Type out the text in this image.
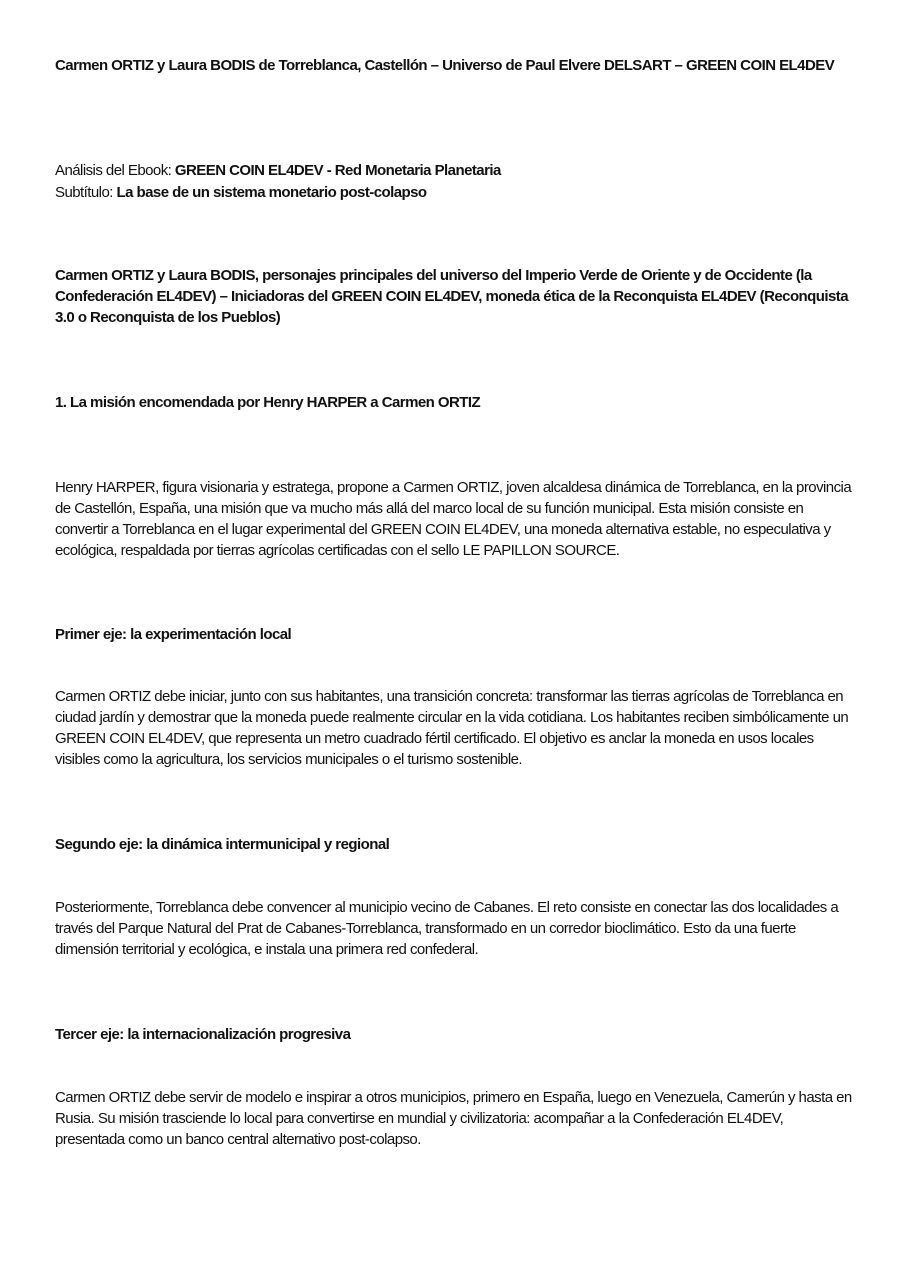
Carmen ORTIZ y Laura BODIS de Torreblanca, Castellón – Universo de Paul Elvere DELSART – GREEN COIN EL4DEV

Análisis del Ebook: GREEN COIN EL4DEV - Red Monetaria Planetaria

Subtítulo: La base de un sistema monetario post-colapso

Carmen ORTIZ y Laura BODIS, personajes principales del universo del Imperio Verde de Oriente y de Occidente (la Confederación EL4DEV) – Iniciadoras del GREEN COIN EL4DEV, moneda ética de la Reconquista EL4DEV (Reconquista 3.0 o Reconquista de los Pueblos)

1. La misión encomendada por Henry HARPER a Carmen ORTIZ

Henry HARPER, figura visionaria y estratega, propone a Carmen ORTIZ, joven alcaldesa dinámica de Torreblanca, en la provincia de Castellón, España, una misión que va mucho más allá del marco local de su función municipal. Esta misión consiste en convertir a Torreblanca en el lugar experimental del GREEN COIN EL4DEV, una moneda alternativa estable, no especulativa y ecológica, respaldada por tierras agrícolas certificadas con el sello LE PAPILLON SOURCE.

Primer eje: la experimentación local

Carmen ORTIZ debe iniciar, junto con sus habitantes, una transición concreta: transformar las tierras agrícolas de Torreblanca en ciudad jardín y demostrar que la moneda puede realmente circular en la vida cotidiana. Los habitantes reciben simbólicamente un GREEN COIN EL4DEV, que representa un metro cuadrado fértil certificado. El objetivo es anclar la moneda en usos locales visibles como la agricultura, los servicios municipales o el turismo sostenible.

Segundo eje: la dinámica intermunicipal y regional

Posteriormente, Torreblanca debe convencer al municipio vecino de Cabanes. El reto consiste en conectar las dos localidades a través del Parque Natural del Prat de Cabanes-Torreblanca, transformado en un corredor bioclimático. Esto da una fuerte dimensión territorial y ecológica, e instala una primera red confederal.

Tercer eje: la internacionalización progresiva

Carmen ORTIZ debe servir de modelo e inspirar a otros municipios, primero en España, luego en Venezuela, Camerún y hasta en Rusia. Su misión trasciende lo local para convertirse en mundial y civilizatoria: acompañar a la Confederación EL4DEV, presentada como un banco central alternativo post-colapso.
